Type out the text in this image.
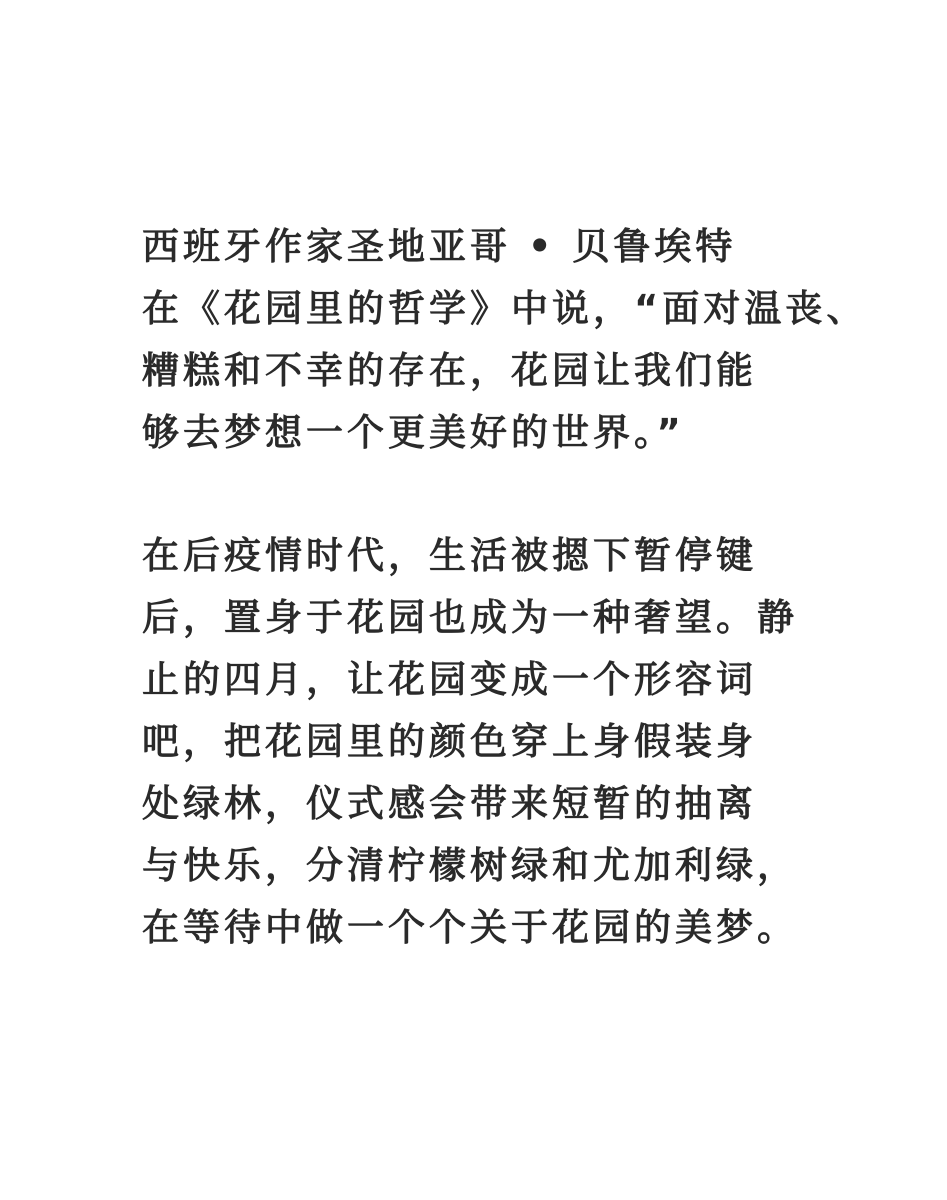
西班牙作家圣地亚哥 • 贝鲁埃特
在《花园里的哲学》中说，“面对温丧、
糟糕和不幸的存在，花园让我们能
够去梦想一个更美好的世界。”
在后疫情时代，生活被摁下暂停键
后，置身于花园也成为一种奢望。静
止的四月，让花园变成一个形容词
吧，把花园里的颜色穿上身假装身
处绿林，仪式感会带来短暂的抽离
与快乐，分清柠檬树绿和尤加利绿，
在等待中做一个个关于花园的美梦。
